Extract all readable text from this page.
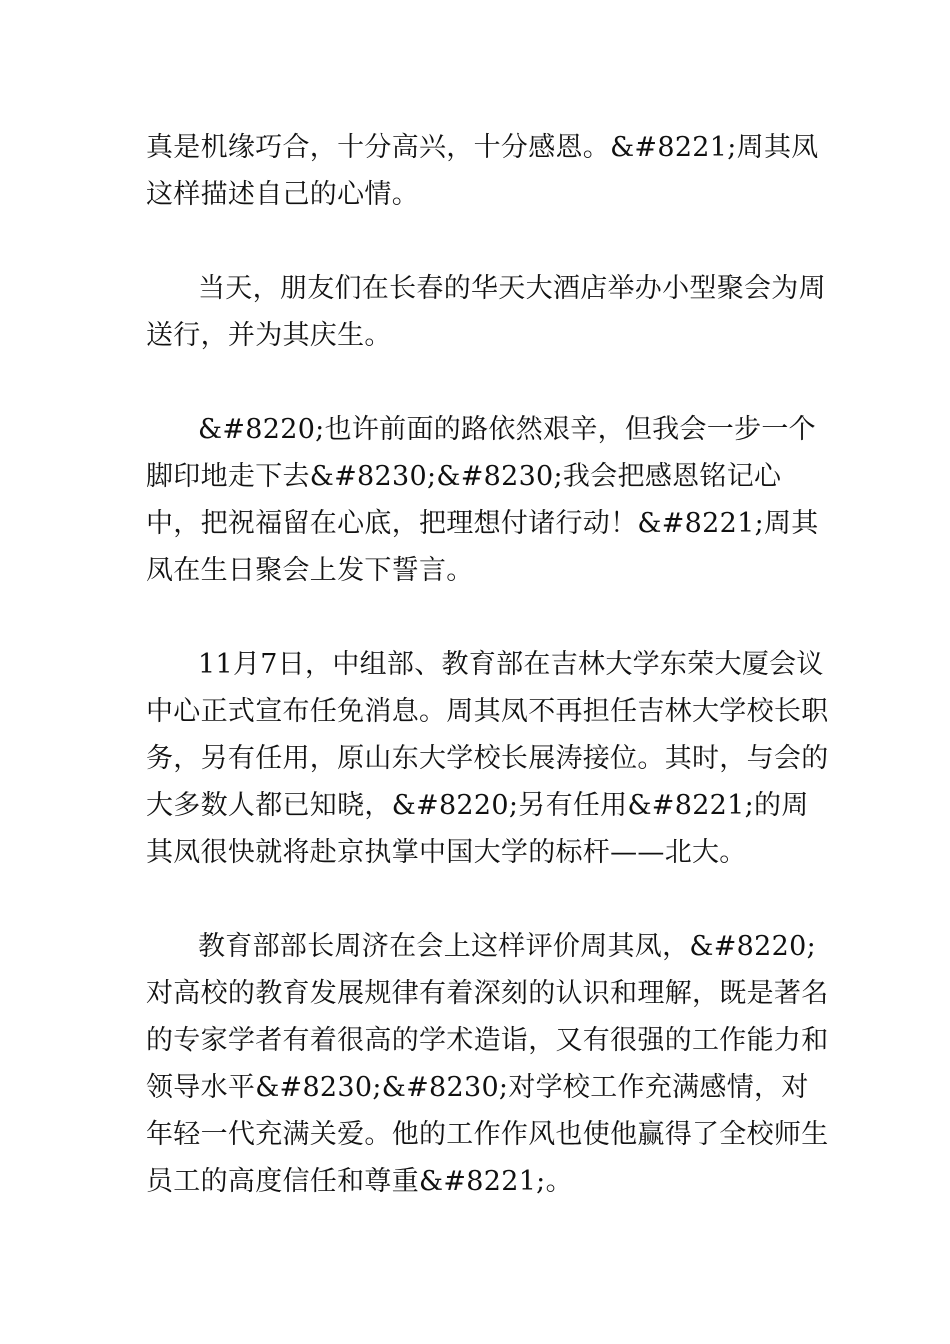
真是机缘巧合，十分高兴，十分感恩。&#8221;周其凤这样描述自己的心情。

当天，朋友们在长春的华天大酒店举办小型聚会为周送行，并为其庆生。

&#8220;也许前面的路依然艰辛，但我会一步一个脚印地走下去&#8230;&#8230;我会把感恩铭记心中，把祝福留在心底，把理想付诸行动！&#8221;周其凤在生日聚会上发下誓言。

11月7日，中组部、教育部在吉林大学东荣大厦会议中心正式宣布任免消息。周其凤不再担任吉林大学校长职务，另有任用，原山东大学校长展涛接位。其时，与会的大多数人都已知晓，&#8220;另有任用&#8221;的周其凤很快就将赴京执掌中国大学的标杆——北大。

教育部部长周济在会上这样评价周其凤，&#8220;对高校的教育发展规律有着深刻的认识和理解，既是著名的专家学者有着很高的学术造诣，又有很强的工作能力和领导水平&#8230;&#8230;对学校工作充满感情，对年轻一代充满关爱。他的工作作风也使他赢得了全校师生员工的高度信任和尊重&#8221;。
